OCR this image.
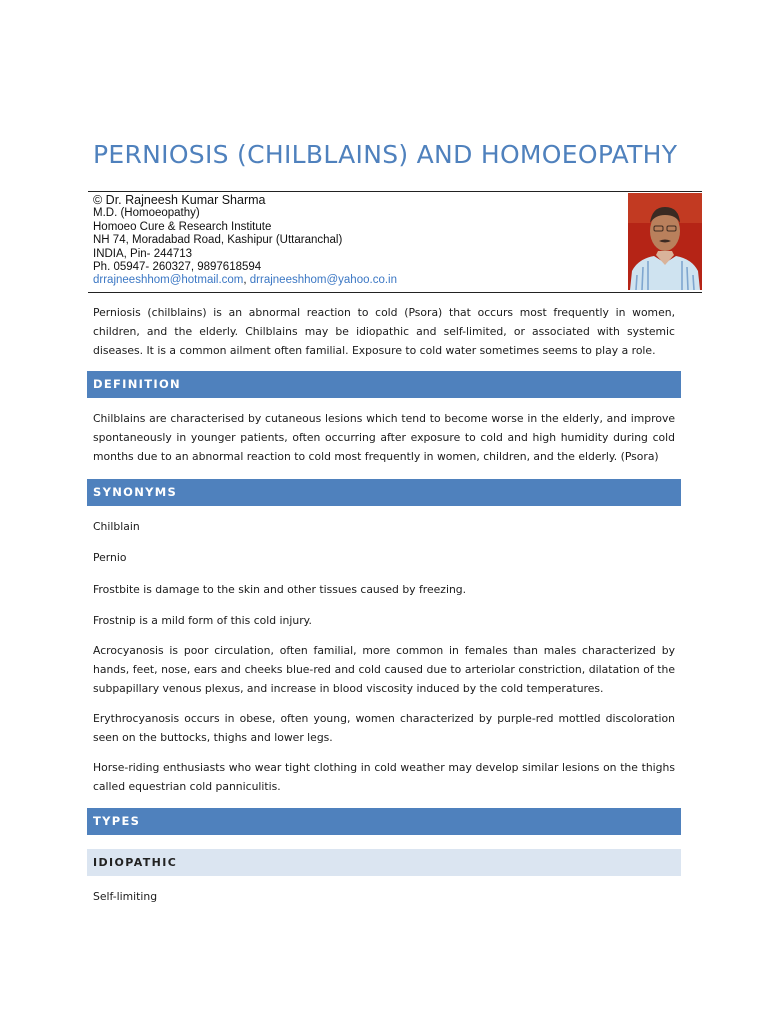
PERNIOSIS (CHILBLAINS) AND HOMOEOPATHY
© Dr. Rajneesh Kumar Sharma
M.D. (Homoeopathy)
Homoeo Cure & Research Institute
NH 74, Moradabad Road, Kashipur (Uttaranchal)
INDIA, Pin- 244713
Ph. 05947- 260327, 9897618594
drrajneeshhom@hotmail.com, drrajneeshhom@yahoo.co.in

Perniosis (chilblains) is an abnormal reaction to cold (Psora) that occurs most frequently in women, children, and the elderly. Chilblains may be idiopathic and self-limited, or associated with systemic diseases. It is a common ailment often familial. Exposure to cold water sometimes seems to play a role.

DEFINITION

Chilblains are characterised by cutaneous lesions which tend to become worse in the elderly, and improve spontaneously in younger patients, often occurring after exposure to cold and high humidity during cold months due to an abnormal reaction to cold most frequently in women, children, and the elderly. (Psora)

SYNONYMS

Chilblain

Pernio

Frostbite is damage to the skin and other tissues caused by freezing.

Frostnip is a mild form of this cold injury.

Acrocyanosis is poor circulation, often familial, more common in females than males characterized by hands, feet, nose, ears and cheeks blue-red and cold caused due to arteriolar constriction, dilatation of the subpapillary venous plexus, and increase in blood viscosity induced by the cold temperatures.

Erythrocyanosis occurs in obese, often young, women characterized by purple-red mottled discoloration seen on the buttocks, thighs and lower legs.

Horse-riding enthusiasts who wear tight clothing in cold weather may develop similar lesions on the thighs called equestrian cold panniculitis.

TYPES
IDIOPATHIC

Self-limiting
